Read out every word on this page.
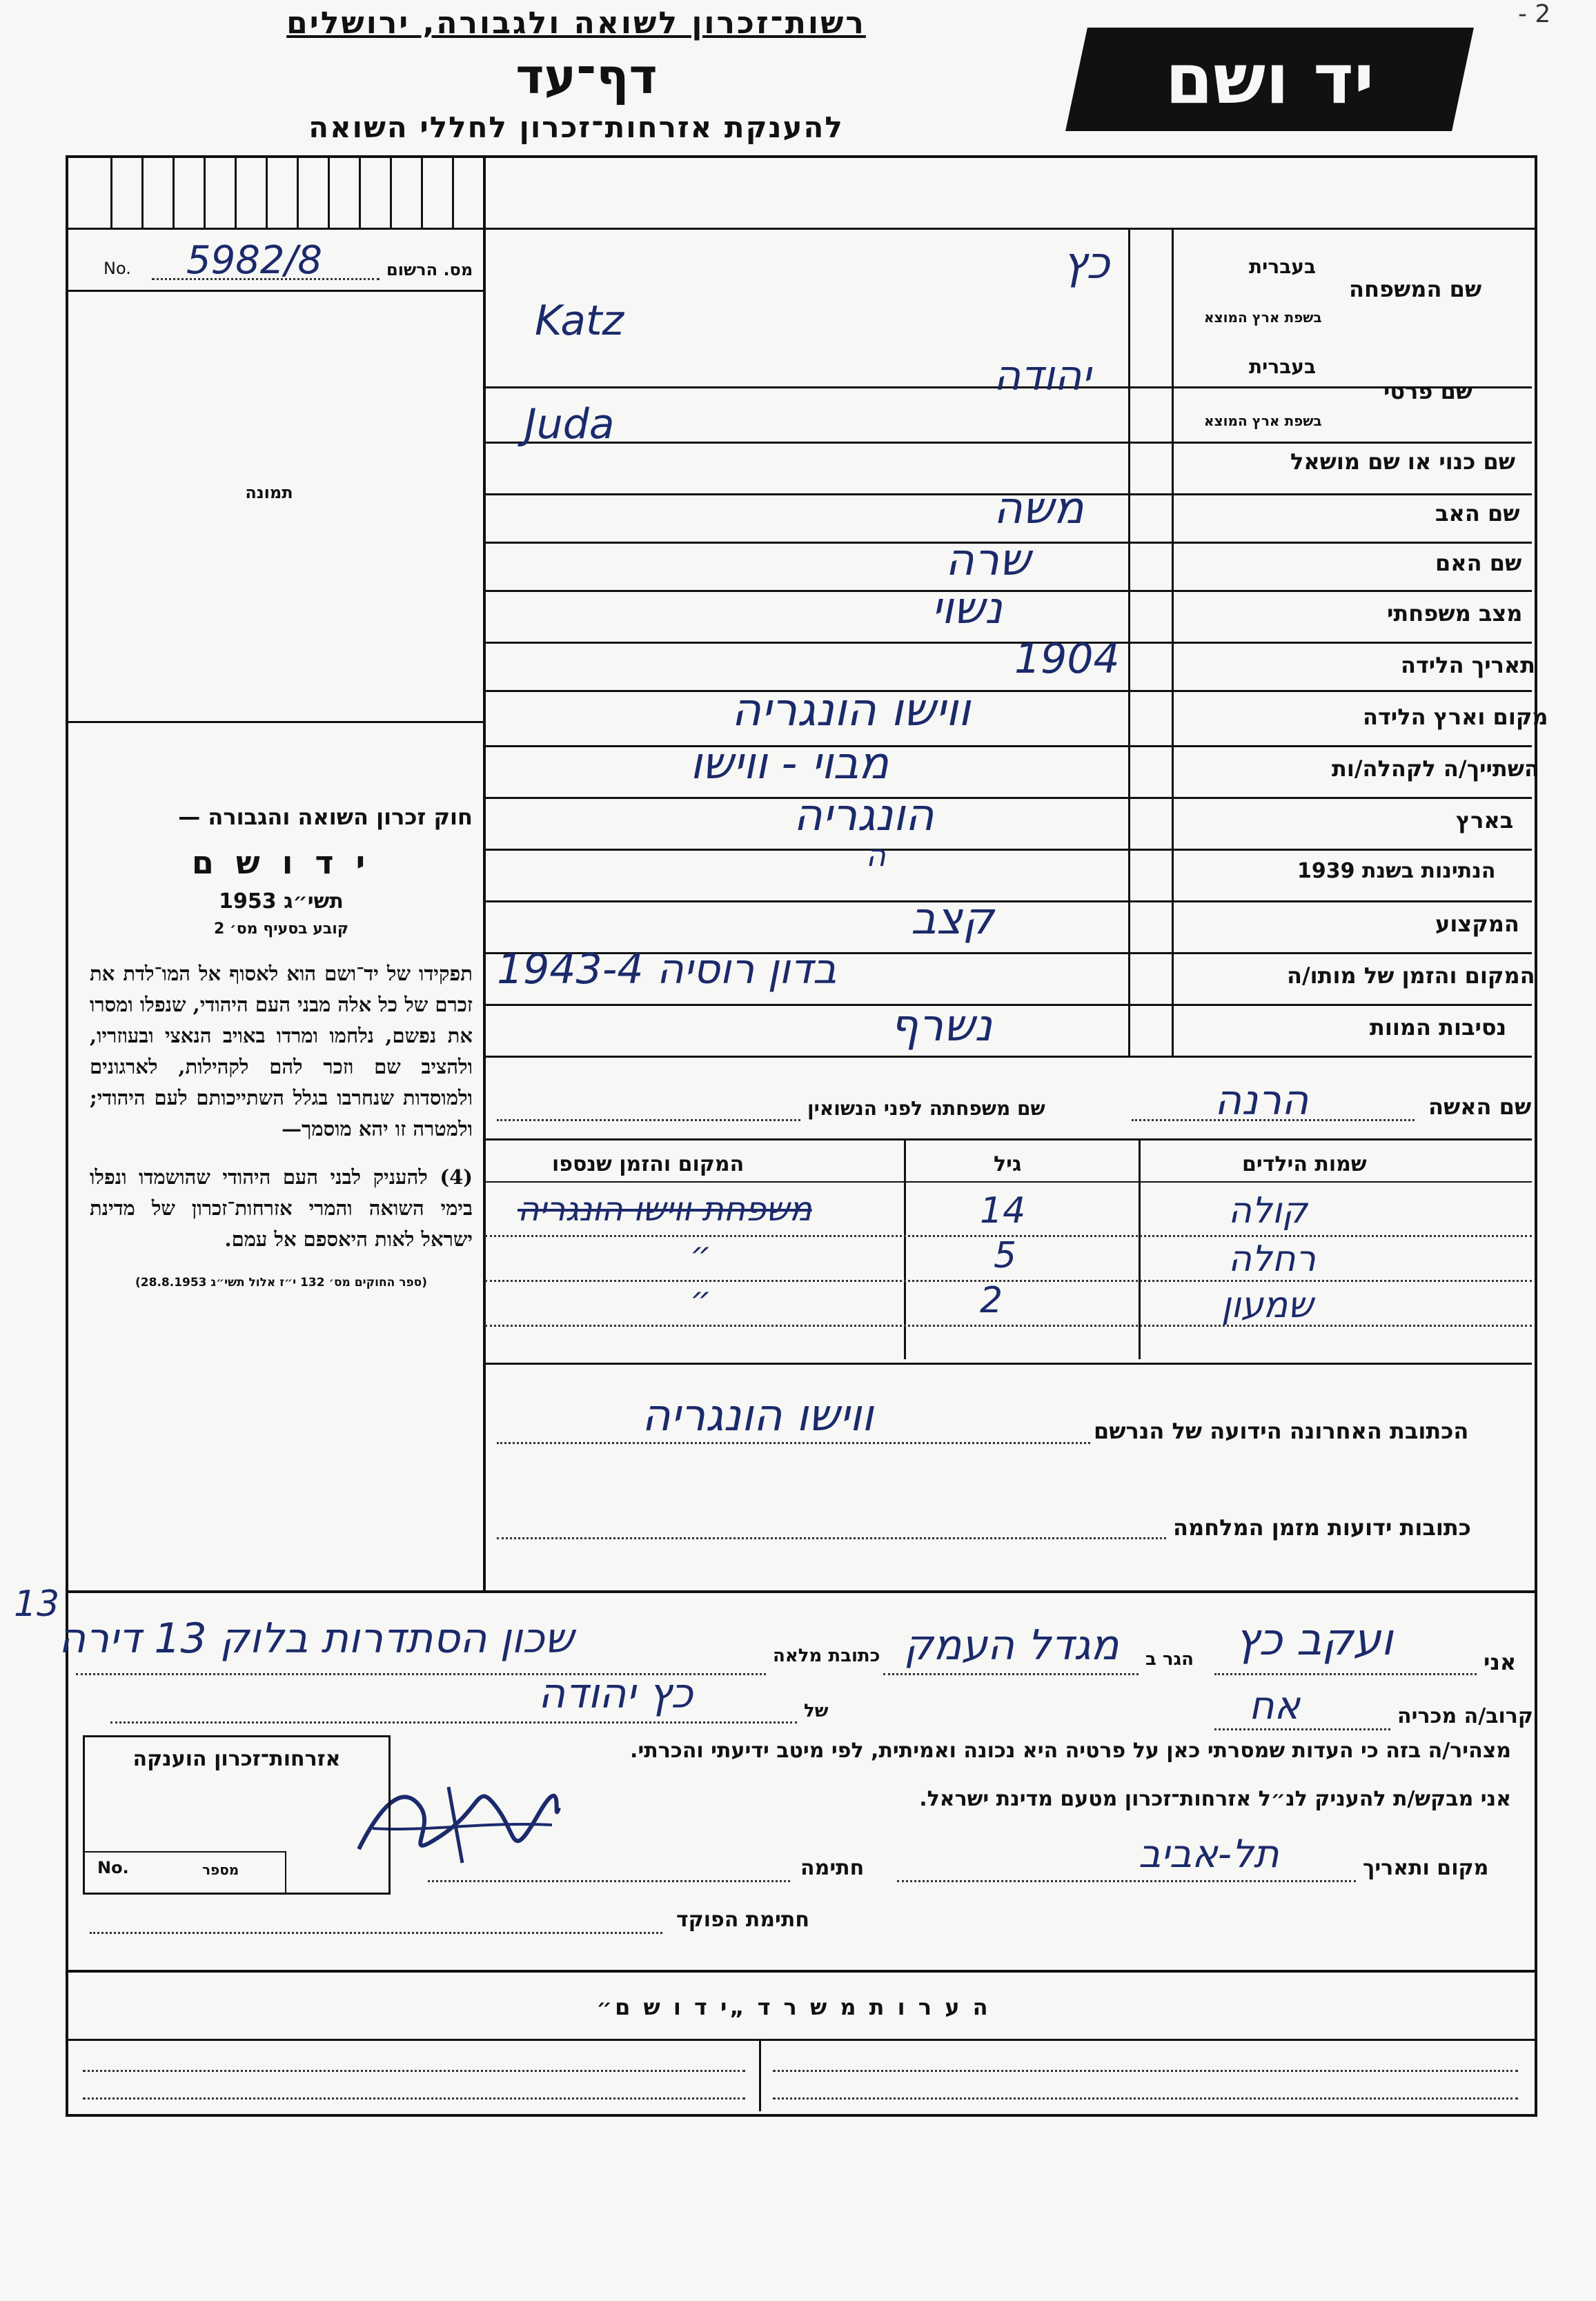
רשות־זכרון לשואה ולגבורה, ירושלים
דף־עד
להענקת אזרחות־זכרון לחללי השואה
יד ושם
- 2
No. 5982/8	מס. הרשום
תמונה
חוק זכרון השואה והגבורה —
י ד ו ש ם
תשי״ג 1953
קובע בסעיף מס׳ 2
תפקידו של יד־ושם הוא לאסוף אל המו־לדת את זכרם של כל אלה מבני העם היהודי, שנפלו ומסרו את נפשם, נלחמו ומרדו באויב הנאצי ובעוזריו, ולהציב שם וזכר להם לקהילות, לארגונים ולמוסדות שנחרבו בגלל השתייכותם לעם היהודי; ולמטרה זו יהא מוסמך—
(4) להעניק לבני העם היהודי שהושמדו ונפלו בימי השואה והמרי אזרחות־זכרון של מדינת ישראל לאות היאספם אל עמם.
(ספר החוקים מס׳ 132 י״ז אלול תשי״ג 28.8.1953)
שם המשפחה
בעברית
בשפת ארץ המוצא
כץ
Katz
שם פרטי
בעברית
בשפת ארץ המוצא
יהודה
Juda
שם כנוי או שם מושאל
שם האב
משה
שם האם
שרה
מצב משפחתי
נשוי
תאריך הלידה
1904
מקום וארץ הלידה
ווישו הונגריה
השתייך/ה לקהלה/ות
מבוי - ווישו
בארץ
הונגריה
הנתינות בשנת 1939
ה
המקצוע
קצב
המקום והזמן של מותו/ה
בדון רוסיה 1943-4
נסיבות המוות
נשרף
שם האשה
הרנה
שם משפחתה לפני הנשואין
שמות הילדים
גיל
המקום והזמן שנספו
קולה
14
משפחת ווישו הונגריה
רחלה
5
״
שמעון
2
״
הכתובת האחרונה הידועה של הנרשם
ווישו הונגריה
כתובות ידועות מזמן המלחמה
13
אני
ועקב כץ
הגר ב
מגדל העמק
כתובת מלאה
שכון הסתדרות בלוק 13 דירה
קרוב/ה מכריה
אח
של
כץ יהודה
מצהיר/ה בזה כי העדות שמסרתי כאן על פרטיה היא נכונה ואמיתית, לפי מיטב ידיעתי והכרתי.
אני מבקש/ת להעניק לנ״ל אזרחות־זכרון מטעם מדינת ישראל.
מקום ותאריך
תל-אביב
חתימה
חתימת הפוקד
אזרחות־זכרון הוענקה
No.	מספר
ה ע ר ו ת מ ש ר ד „י ד ו ש ם״
